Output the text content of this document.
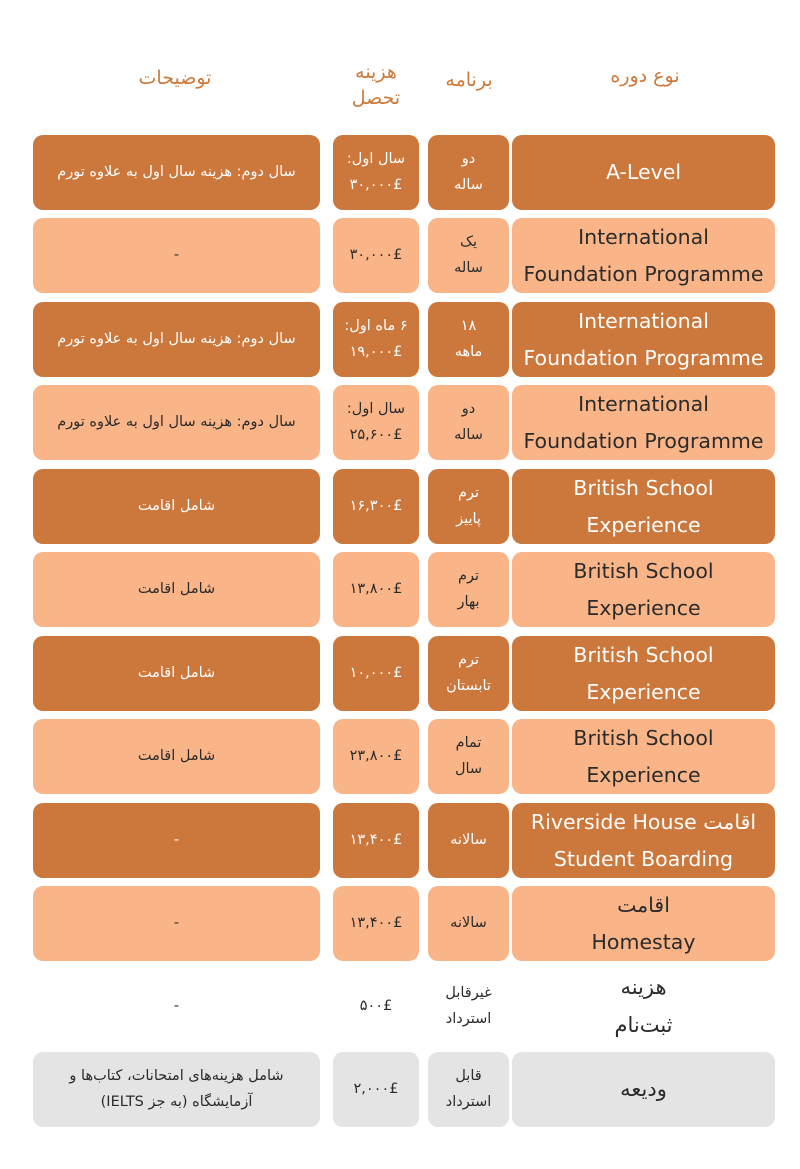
نوع دوره
برنامه
هزینه
تحصل
توضیحات
A-Level
دو
ساله
سال اول:
۳۰,۰۰۰£
سال دوم: هزینه سال اول به علاوه تورم
International
Foundation Programme
یک
ساله
۳۰,۰۰۰£
-
International
Foundation Programme
۱۸
ماهه
۶ ماه اول:
۱۹,۰۰۰£
سال دوم: هزینه سال اول به علاوه تورم
International
Foundation Programme
دو
ساله
سال اول:
۲۵,۶۰۰£
سال دوم: هزینه سال اول به علاوه تورم
British School
Experience
ترم
پاییز
۱۶,۳۰۰£
شامل اقامت
British School
Experience
ترم
بهار
۱۳,۸۰۰£
شامل اقامت
British School
Experience
ترم
تابستان
۱۰,۰۰۰£
شامل اقامت
British School
Experience
تمام
سال
۲۳,۸۰۰£
شامل اقامت
اقامت Riverside House
Student Boarding
سالانه
۱۳,۴۰۰£
-
اقامت
Homestay
سالانه
۱۳,۴۰۰£
-
هزینه
ثبت‌نام
غیرقابل
استرداد
۵۰۰£
-
ودیعه
قابل
استرداد
۲,۰۰۰£
شامل هزینه‌های امتحانات، کتاب‌ها و آزمایشگاه (به جز IELTS)
